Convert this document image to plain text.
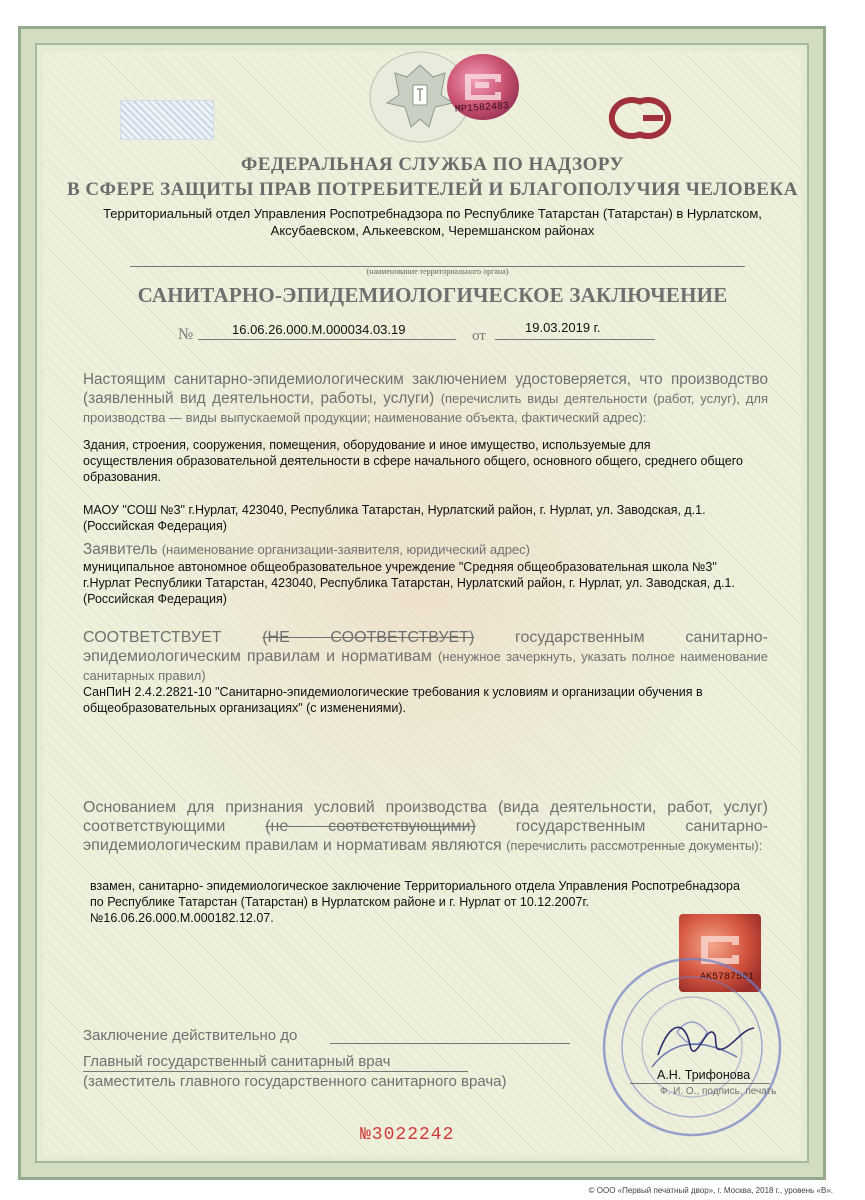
MP1582483
ФЕДЕРАЛЬНАЯ СЛУЖБА ПО НАДЗОРУ
В СФЕРЕ ЗАЩИТЫ ПРАВ ПОТРЕБИТЕЛЕЙ И БЛАГОПОЛУЧИЯ ЧЕЛОВЕКА
Территориальный отдел Управления Роспотребнадзора по Республике Татарстан (Татарстан) в Нурлатском,
Аксубаевском, Алькеевском, Черемшанском районах
(наименование территориального органа)
САНИТАРНО-ЭПИДЕМИОЛОГИЧЕСКОЕ ЗАКЛЮЧЕНИЕ
№	16.06.26.000.М.000034.03.19	от
19.03.2019 г.
Настоящим санитарно-эпидемиологическим заключением удостоверяется, что производство (заявленный вид деятельности, работы, услуги) (перечислить виды деятельности (работ, услуг), для производства — виды выпускаемой продукции; наименование объекта, фактический адрес):
Здания, строения, сооружения, помещения, оборудование и иное имущество, используемые для осуществления образовательной деятельности в сфере начального общего, основного общего, среднего общего образования.
МАОУ "СОШ №3" г.Нурлат, 423040, Республика Татарстан, Нурлатский район, г. Нурлат, ул. Заводская, д.1. (Российская Федерация)
Заявитель (наименование организации-заявителя, юридический адрес)
муниципальное автономное общеобразовательное учреждение "Средняя общеобразовательная школа №3" г.Нурлат Республики Татарстан, 423040, Республика Татарстан, Нурлатский район, г. Нурлат, ул. Заводская, д.1. (Российская Федерация)
СООТВЕТСТВУЕТ	(НЕ СООТВЕТСТВУЕТ)	государственным санитарно-эпидемиологическим правилам и нормативам (ненужное зачеркнуть, указать полное наименование санитарных правил)
СанПиН 2.4.2.2821-10 "Санитарно-эпидемиологические требования к условиям и организации обучения в общеобразовательных организациях" (с изменениями).
Основанием для признания условий производства (вида деятельности, работ, услуг) соответствующими (не соответствующими) государственным санитарно-эпидемиологическим правилам и нормативам являются (перечислить рассмотренные документы):
взамен, санитарно- эпидемиологическое заключение Территориального отдела Управления Роспотребнадзора по Республике Татарстан (Татарстан) в Нурлатском районе и г. Нурлат от 10.12.2007г. №16.06.26.000.М.000182.12.07.
AK5787561
Заключение действительно до
Главный государственный санитарный врач
(заместитель главного государственного санитарного врача)	А.Н. Трифонова
Ф. И. О., подпись, печать
№3022242
© ООО «Первый печатный двор», г. Москва, 2018 г., уровень «В».
